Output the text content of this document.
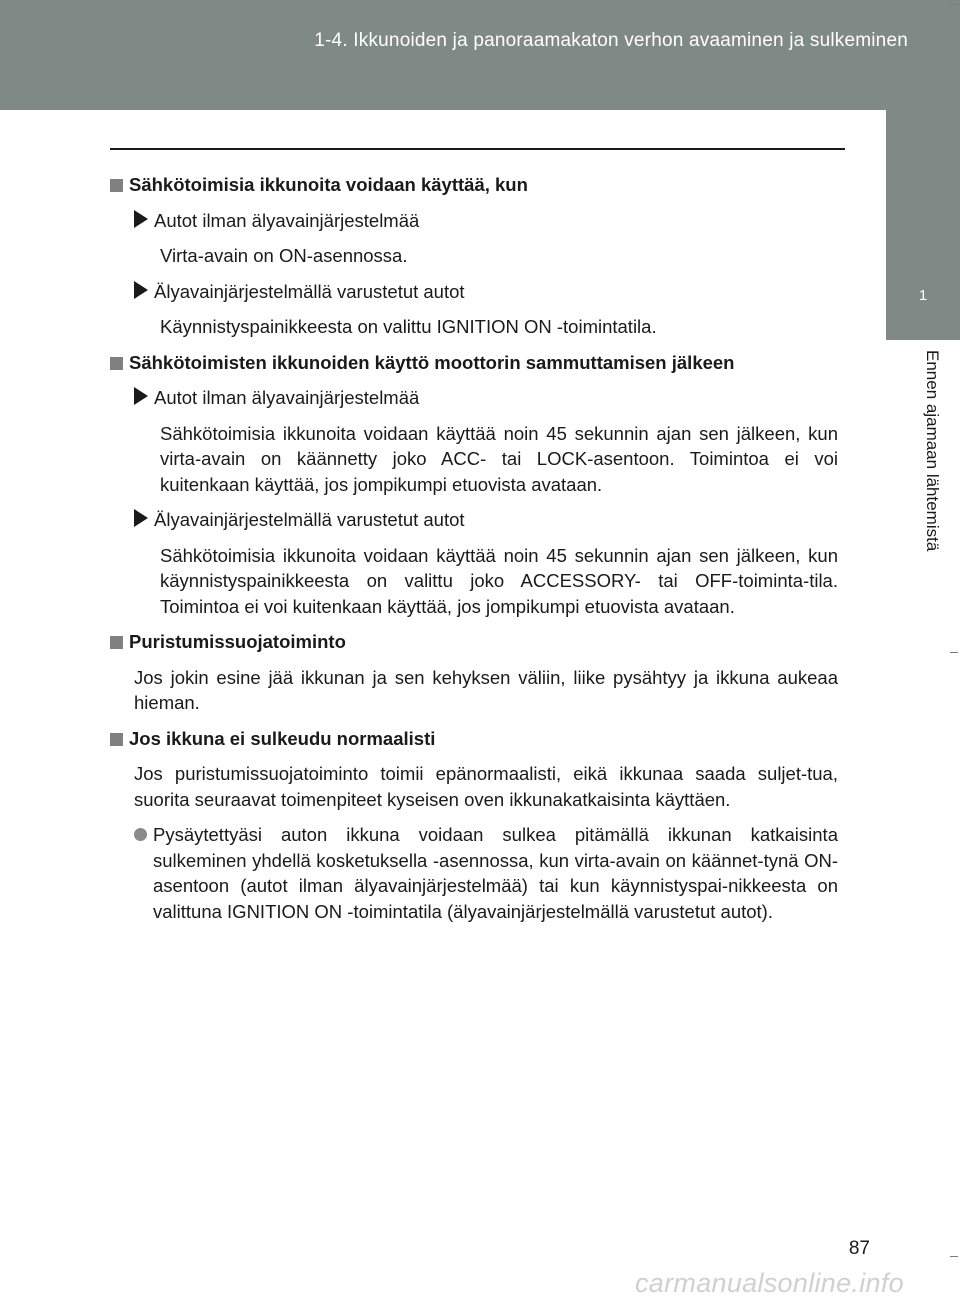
1-4. Ikkunoiden ja panoraamakaton verhon avaaminen ja sulkeminen
1
Ennen ajamaan lähtemistä
Sähkötoimisia ikkunoita voidaan käyttää, kun
Autot ilman älyavainjärjestelmää
Virta-avain on ON-asennossa.
Älyavainjärjestelmällä varustetut autot
Käynnistyspainikkeesta on valittu IGNITION ON -toimintatila.
Sähkötoimisten ikkunoiden käyttö moottorin sammuttamisen jälkeen
Autot ilman älyavainjärjestelmää
Sähkötoimisia ikkunoita voidaan käyttää noin 45 sekunnin ajan sen jälkeen, kun virta-avain on käännetty joko ACC- tai LOCK-asentoon. Toimintoa ei voi kuitenkaan käyttää, jos jompikumpi etuovista avataan.
Älyavainjärjestelmällä varustetut autot
Sähkötoimisia ikkunoita voidaan käyttää noin 45 sekunnin ajan sen jälkeen, kun käynnistyspainikkeesta on valittu joko ACCESSORY- tai OFF-toiminta-tila. Toimintoa ei voi kuitenkaan käyttää, jos jompikumpi etuovista avataan.
Puristumissuojatoiminto
Jos jokin esine jää ikkunan ja sen kehyksen väliin, liike pysähtyy ja ikkuna aukeaa hieman.
Jos ikkuna ei sulkeudu normaalisti
Jos puristumissuojatoiminto toimii epänormaalisti, eikä ikkunaa saada suljet-tua, suorita seuraavat toimenpiteet kyseisen oven ikkunakatkaisinta käyttäen.
Pysäytettyäsi auton ikkuna voidaan sulkea pitämällä ikkunan katkaisinta sulkeminen yhdellä kosketuksella -asennossa, kun virta-avain on käännet-tynä ON-asentoon (autot ilman älyavainjärjestelmää) tai kun käynnistyspai-nikkeesta on valittuna IGNITION ON -toimintatila (älyavainjärjestelmällä varustetut autot).
87
carmanualsonline.info
